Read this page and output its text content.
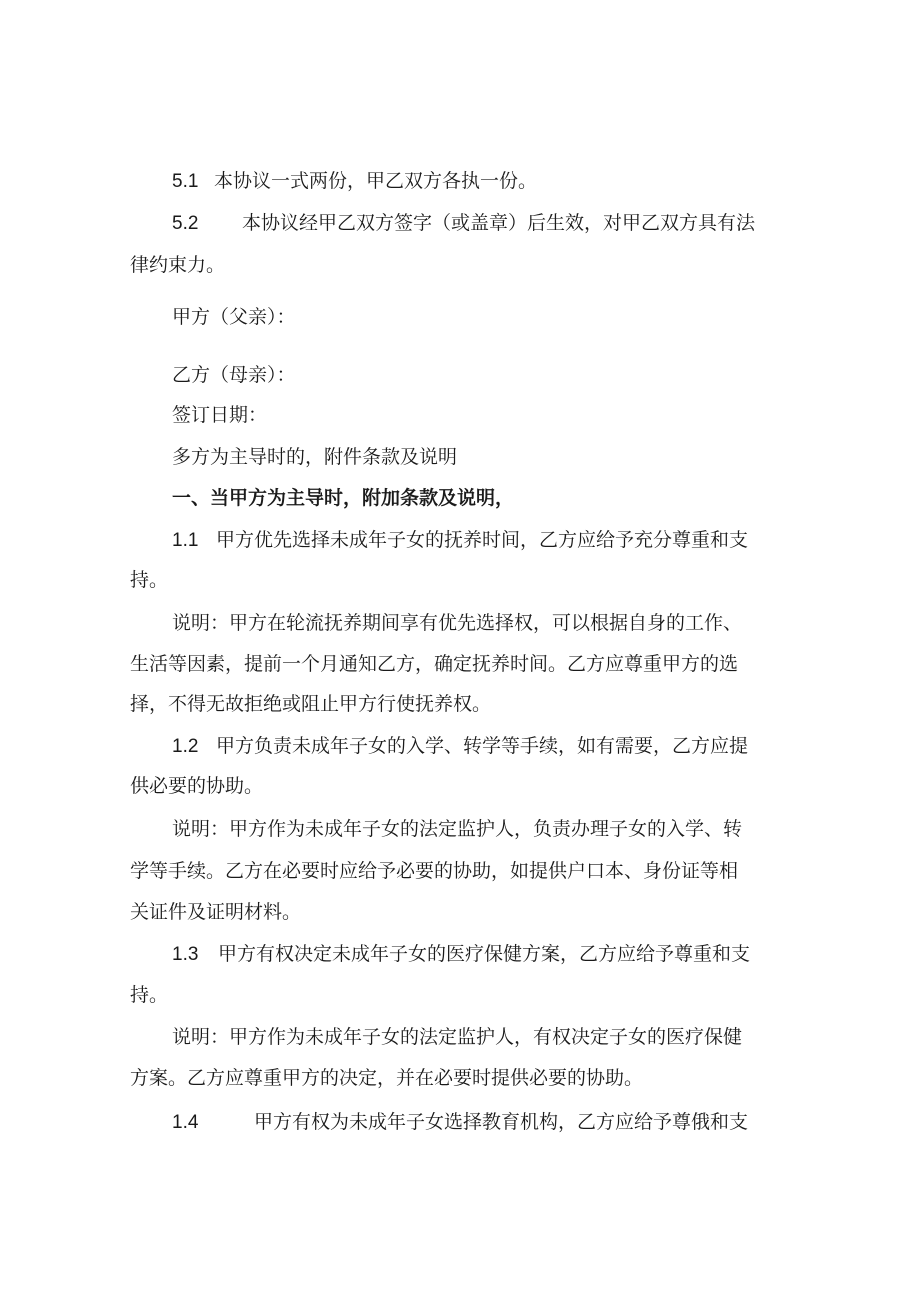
5.1 本协议一式两份，甲乙双方各执一份。
5.2 本协议经甲乙双方签字（或盖章）后生效，对甲乙双方具有法
律约束力。
甲方（父亲）：
乙方（母亲）：
签订日期：
多方为主导时的，附件条款及说明
一、当甲方为主导时，附加条款及说明，
1.1 甲方优先选择未成年子女的抚养时间，乙方应给予充分尊重和支
持。
说明：甲方在轮流抚养期间享有优先选择权，可以根据自身的工作、
生活等因素，提前一个月通知乙方，确定抚养时间。乙方应尊重甲方的选
择，不得无故拒绝或阻止甲方行使抚养权。
1.2 甲方负责未成年子女的入学、转学等手续，如有需要，乙方应提
供必要的协助。
说明：甲方作为未成年子女的法定监护人，负责办理子女的入学、转
学等手续。乙方在必要时应给予必要的协助，如提供户口本、身份证等相
关证件及证明材料。
1.3 甲方有权决定未成年子女的医疗保健方案，乙方应给予尊重和支
持。
说明：甲方作为未成年子女的法定监护人，有权决定子女的医疗保健
方案。乙方应尊重甲方的决定，并在必要时提供必要的协助。
1.4	甲方有权为未成年子女选择教育机构，乙方应给予尊俄和支
